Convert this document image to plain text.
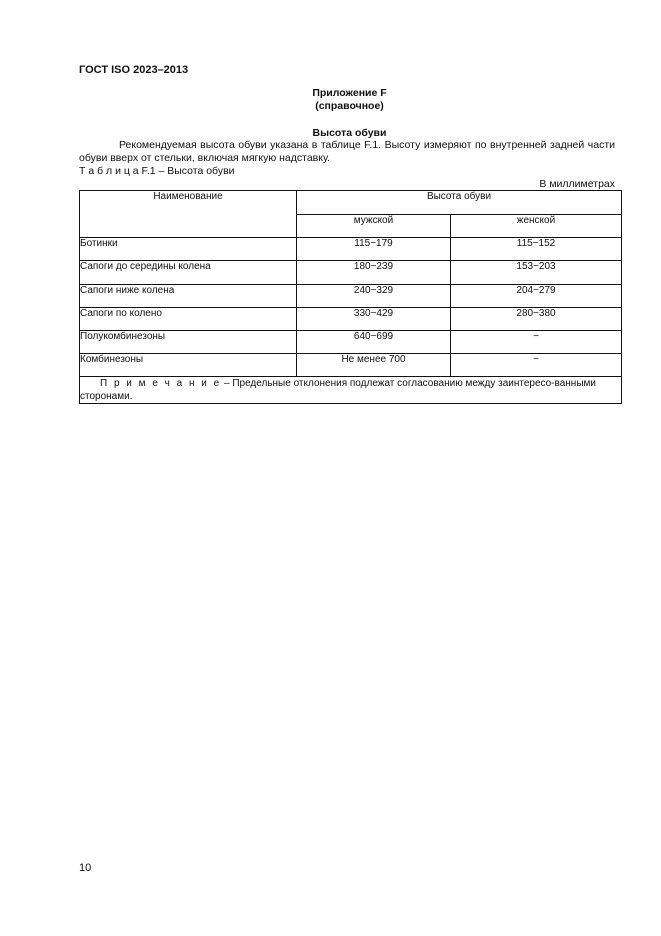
ГОСТ ISO 2023–2013
Приложение F
(справочное)
Высота обуви
Рекомендуемая высота обуви указана в таблице F.1. Высоту измеряют по внутренней задней части обуви вверх от стельки, включая мягкую надставку.
Т а б л и ц а F.1 – Высота обуви
В миллиметрах
Наименование	Высота обуви	
	мужской	женской
Ботинки	115−179	115−152
Сапоги до середины колена	180−239	153−203
Сапоги ниже колена	240−329	204−279
Сапоги по колено	330−429	280−380
Полукомбинезоны	640−699	−
Комбинезоны	Не менее 700	−
П р и м е ч а н и е – Предельные отклонения подлежат согласованию между заинтересо-ванными сторонами.		
10
